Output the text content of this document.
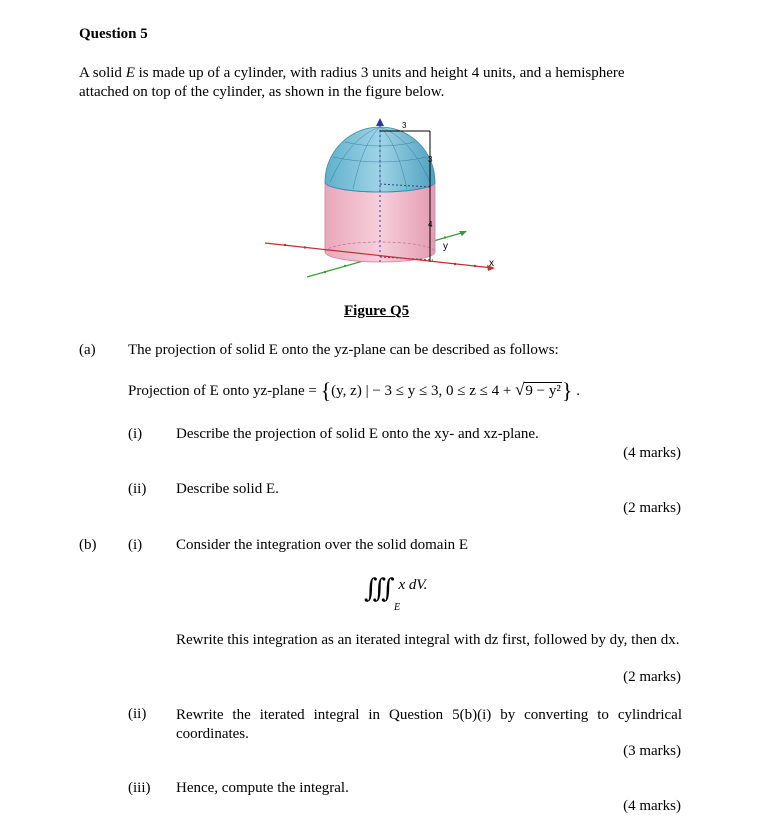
Question 5
A solid E is made up of a cylinder, with radius 3 units and height 4 units, and a hemisphere
attached on top of the cylinder, as shown in the figure below.
y
3
3
4
x
Figure Q5
(a) The projection of solid E onto the yz-plane can be described as follows:
Projection of E onto yz-plane = {(y, z) | − 3 ≤ y ≤ 3, 0 ≤ z ≤ 4 + √9 − y²} .
(i) Describe the projection of solid E onto the xy- and xz-plane.
(4 marks)
(ii) Describe solid E.
(2 marks)
(b) (i) Consider the integration over the solid domain E
∭ x dV.
E
Rewrite this integration as an iterated integral with dz first, followed by dy, then dx.
(2 marks)
(ii) Rewrite the iterated integral in Question 5(b)(i) by converting to cylindrical coordinates.
(3 marks)
(iii) Hence, compute the integral.
(4 marks)
